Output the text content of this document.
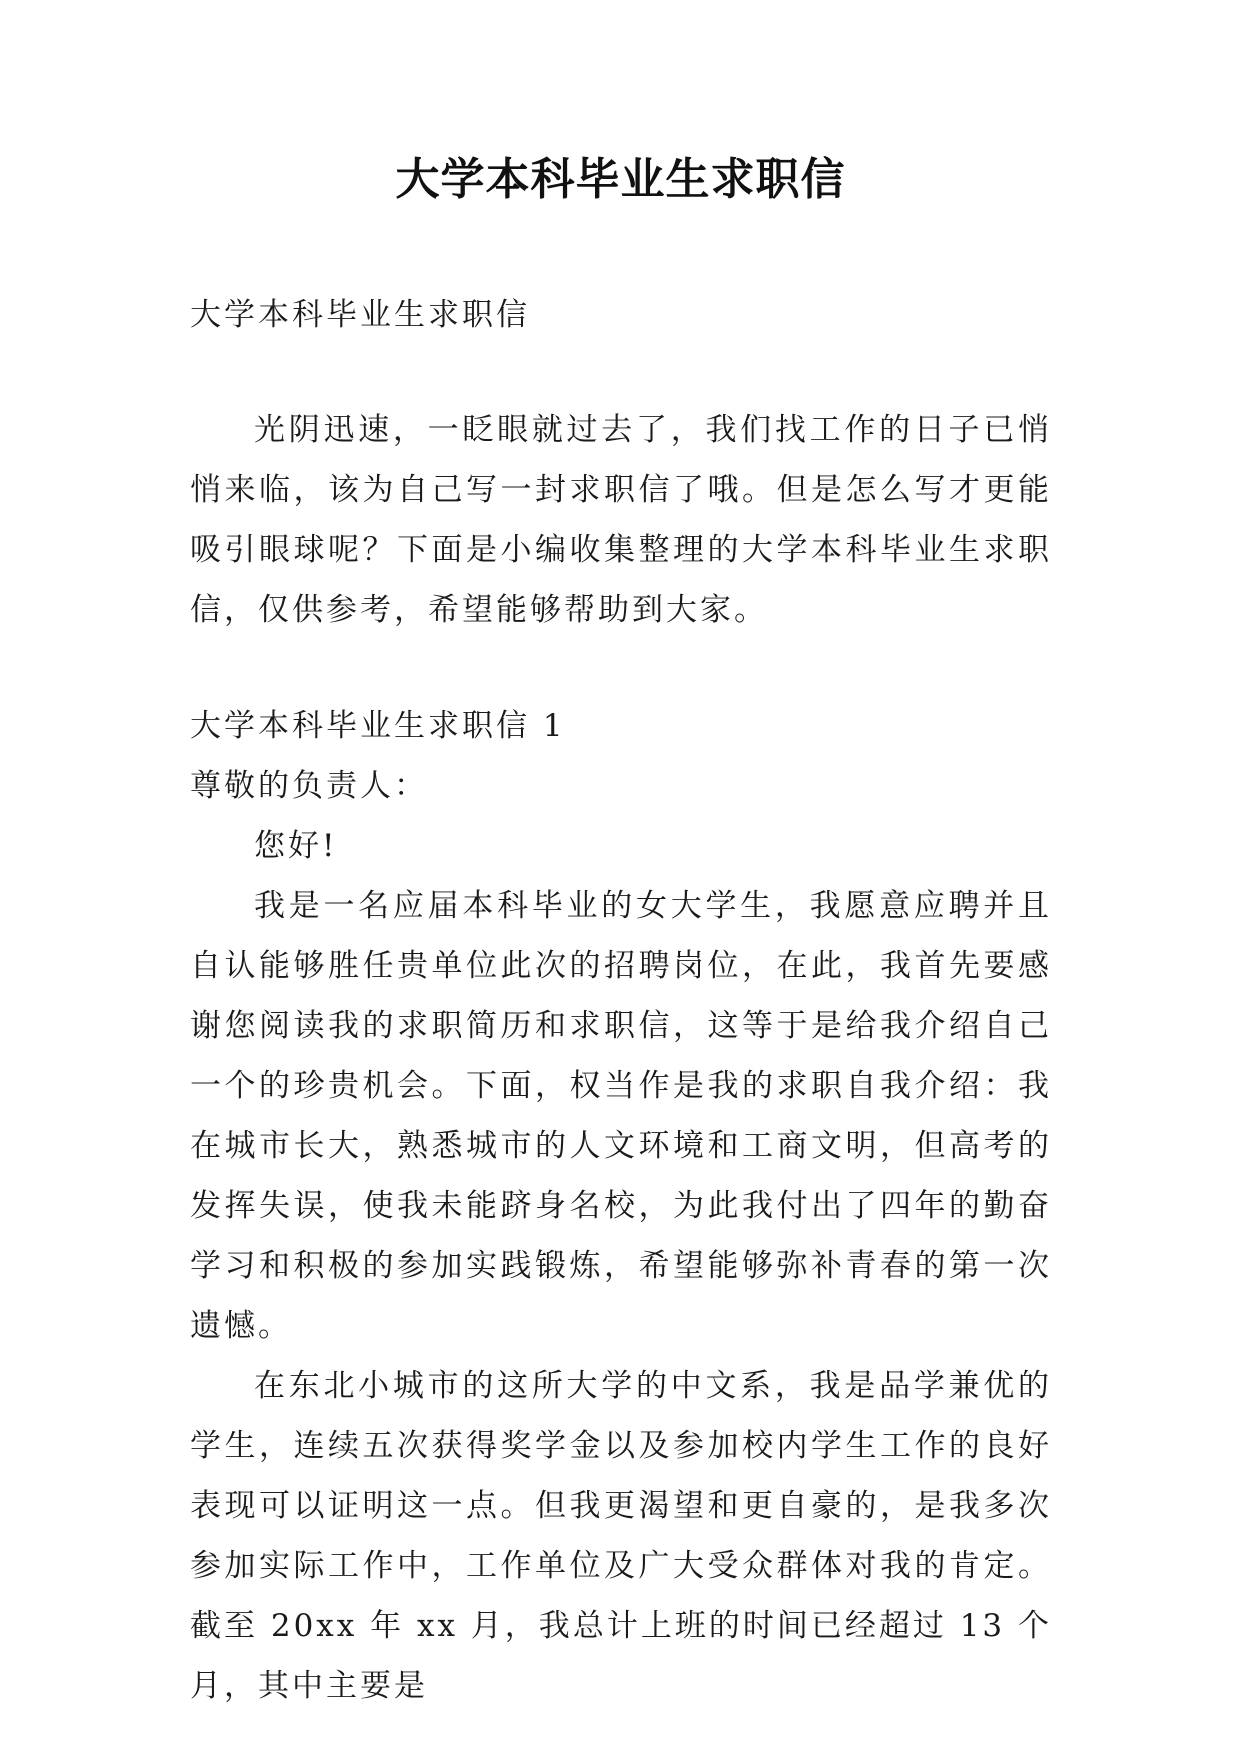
大学本科毕业生求职信

大学本科毕业生求职信

光阴迅速，一眨眼就过去了，我们找工作的日子已悄悄来临，该为自己写一封求职信了哦。但是怎么写才更能吸引眼球呢？下面是小编收集整理的大学本科毕业生求职信，仅供参考，希望能够帮助到大家。

大学本科毕业生求职信 1

尊敬的负责人：

您好!

我是一名应届本科毕业的女大学生，我愿意应聘并且自认能够胜任贵单位此次的招聘岗位，在此，我首先要感谢您阅读我的求职简历和求职信，这等于是给我介绍自己一个的珍贵机会。下面，权当作是我的求职自我介绍：我在城市长大，熟悉城市的人文环境和工商文明，但高考的发挥失误，使我未能跻身名校，为此我付出了四年的勤奋学习和积极的参加实践锻炼，希望能够弥补青春的第一次遗憾。

在东北小城市的这所大学的中文系，我是品学兼优的学生，连续五次获得奖学金以及参加校内学生工作的良好表现可以证明这一点。但我更渴望和更自豪的，是我多次参加实际工作中，工作单位及广大受众群体对我的肯定。截至 20xx 年 xx 月，我总计上班的时间已经超过 13 个月，其中主要是
